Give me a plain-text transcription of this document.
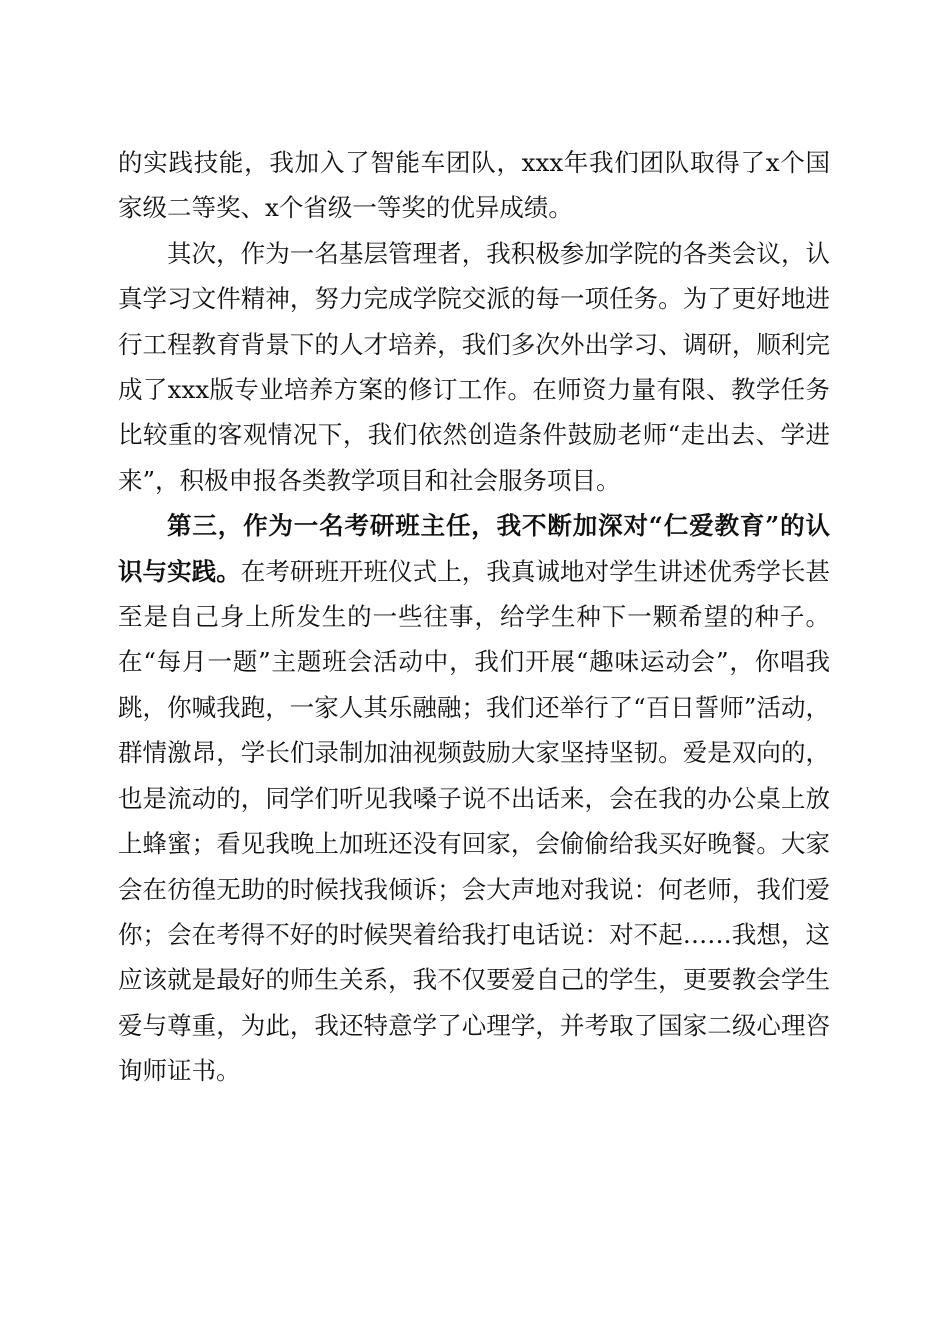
的实践技能，我加入了智能车团队，xxx年我们团队取得了x个国家级二等奖、x个省级一等奖的优异成绩。

其次，作为一名基层管理者，我积极参加学院的各类会议，认真学习文件精神，努力完成学院交派的每一项任务。为了更好地进行工程教育背景下的人才培养，我们多次外出学习、调研，顺利完成了xxx版专业培养方案的修订工作。在师资力量有限、教学任务比较重的客观情况下，我们依然创造条件鼓励老师“走出去、学进来”，积极申报各类教学项目和社会服务项目。

第三，作为一名考研班主任，我不断加深对“仁爱教育”的认识与实践。在考研班开班仪式上，我真诚地对学生讲述优秀学长甚至是自己身上所发生的一些往事，给学生种下一颗希望的种子。在“每月一题”主题班会活动中，我们开展“趣味运动会”，你唱我跳，你喊我跑，一家人其乐融融；我们还举行了“百日誓师”活动，群情激昂，学长们录制加油视频鼓励大家坚持坚韧。爱是双向的，也是流动的，同学们听见我嗓子说不出话来，会在我的办公桌上放上蜂蜜；看见我晚上加班还没有回家，会偷偷给我买好晚餐。大家会在彷徨无助的时候找我倾诉；会大声地对我说：何老师，我们爱你；会在考得不好的时候哭着给我打电话说：对不起……我想，这应该就是最好的师生关系，我不仅要爱自己的学生，更要教会学生爱与尊重，为此，我还特意学了心理学，并考取了国家二级心理咨询师证书。
